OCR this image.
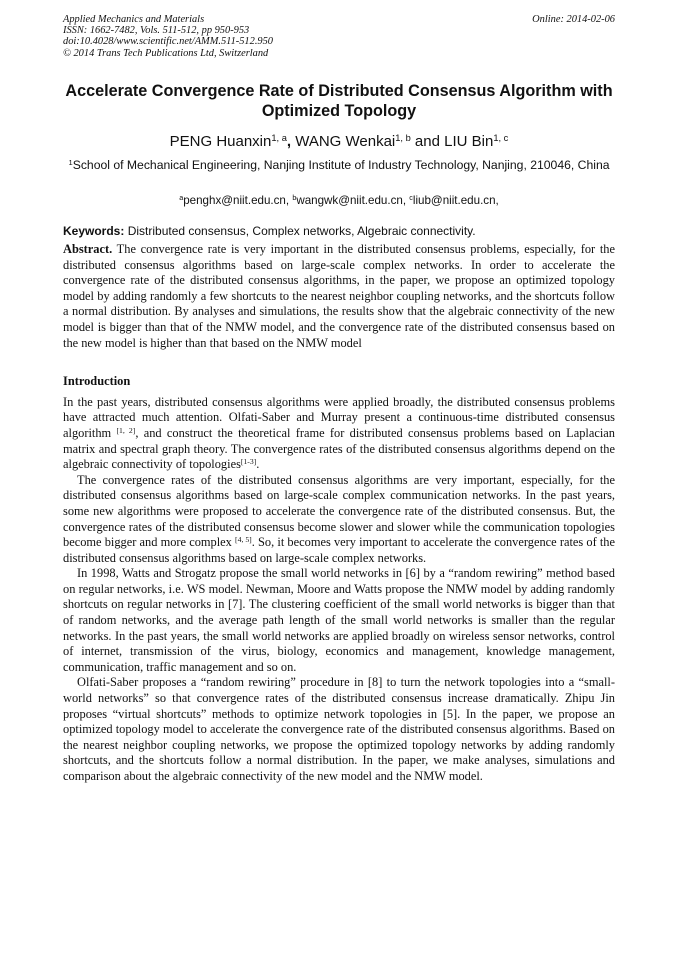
Applied Mechanics and Materials
ISSN: 1662-7482, Vols. 511-512, pp 950-953
doi:10.4028/www.scientific.net/AMM.511-512.950
© 2014 Trans Tech Publications Ltd, Switzerland
Online: 2014-02-06
Accelerate Convergence Rate of Distributed Consensus Algorithm with Optimized Topology
PENG Huanxin$^{1, a}$, WANG Wenkai$^{1, b}$ and LIU Bin$^{1, c}$
$^1$School of Mechanical Engineering, Nanjing Institute of Industry Technology, Nanjing, 210046, China
$^a$penghx@niit.edu.cn, $^b$wangwk@niit.edu.cn, $^c$liub@niit.edu.cn,
Keywords: Distributed consensus, Complex networks, Algebraic connectivity.

Abstract. The convergence rate is very important in the distributed consensus problems, especially, for the distributed consensus algorithms based on large-scale complex networks. In order to accelerate the convergence rate of the distributed consensus algorithms, in the paper, we propose an optimized topology model by adding randomly a few shortcuts to the nearest neighbor coupling networks, and the shortcuts follow a normal distribution. By analyses and simulations, the results show that the algebraic connectivity of the new model is bigger than that of the NMW model, and the convergence rate of the distributed consensus based on the new model is higher than that based on the NMW model

Introduction

In the past years, distributed consensus algorithms were applied broadly, the distributed consensus problems have attracted much attention. Olfati-Saber and Murray present a continuous-time distributed consensus algorithm [1, 2], and construct the theoretical frame for distributed consensus problems based on Laplacian matrix and spectral graph theory. The convergence rates of the distributed consensus algorithms depend on the algebraic connectivity of topologies[1-3].

The convergence rates of the distributed consensus algorithms are very important, especially, for the distributed consensus algorithms based on large-scale complex communication networks. In the past years, some new algorithms were proposed to accelerate the convergence rate of the distributed consensus. But, the convergence rates of the distributed consensus become slower and slower while the communication topologies become bigger and more complex [4, 5]. So, it becomes very important to accelerate the convergence rates of the distributed consensus algorithms based on large-scale complex networks.

In 1998, Watts and Strogatz propose the small world networks in [6] by a “random rewiring” method based on regular networks, i.e. WS model. Newman, Moore and Watts propose the NMW model by adding randomly shortcuts on regular networks in [7]. The clustering coefficient of the small world networks is bigger than that of random networks, and the average path length of the small world networks is smaller than the regular networks. In the past years, the small world networks are applied broadly on wireless sensor networks, control of internet, transmission of the virus, biology, economics and management, knowledge management, communication, traffic management and so on.

Olfati-Saber proposes a “random rewiring” procedure in [8] to turn the network topologies into a “small-world networks” so that convergence rates of the distributed consensus increase dramatically. Zhipu Jin proposes “virtual shortcuts” methods to optimize network topologies in [5]. In the paper, we propose an optimized topology model to accelerate the convergence rate of the distributed consensus algorithms. Based on the nearest neighbor coupling networks, we propose the optimized topology networks by adding randomly shortcuts, and the shortcuts follow a normal distribution. In the paper, we make analyses, simulations and comparison about the algebraic connectivity of the new model and the NMW model.
